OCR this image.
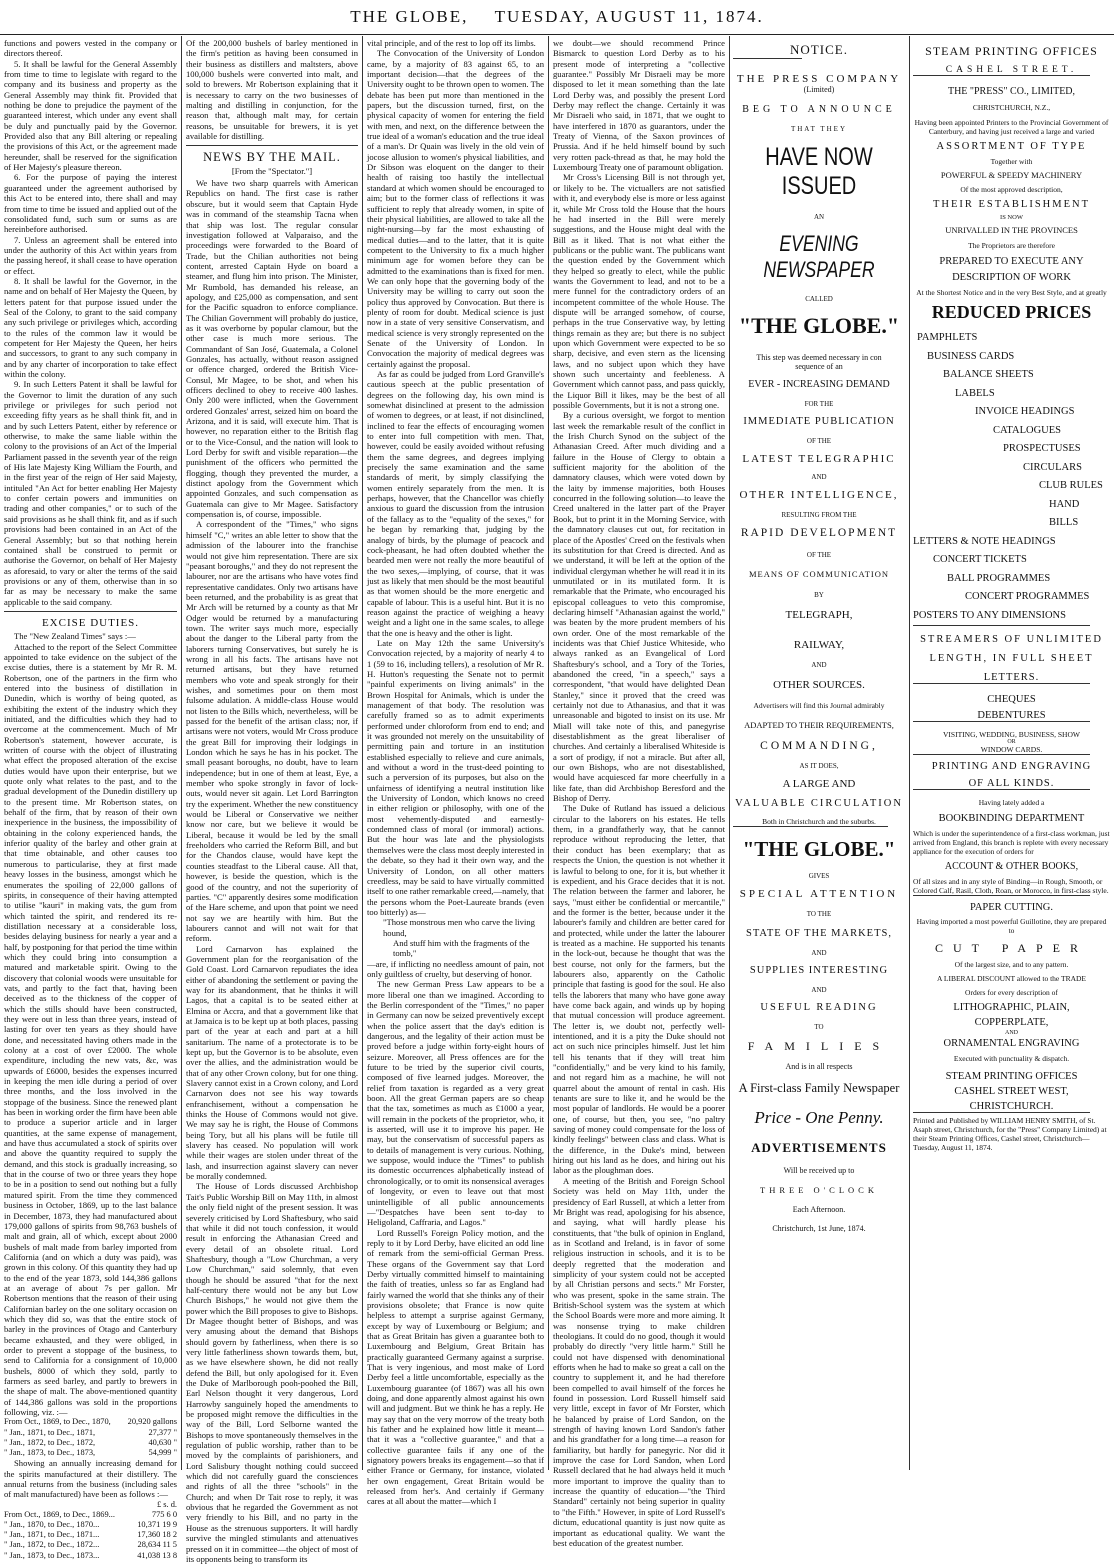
THE GLOBE, TUESDAY, AUGUST 11, 1874.

functions and powers vested in the company or directors thereof.

5. It shall be lawful for the General Assembly from time to time to legislate with regard to the company and its business and property as the General Assembly may think fit. Provided that nothing be done to prejudice the payment of the guaranteed interest, which under any event shall be duly and punctually paid by the Governor. Provided also that any Bill altering or repealing the provisions of this Act, or the agreement made hereunder, shall be reserved for the signification of Her Majesty's pleasure thereon.

6. For the purpose of paying the interest guaranteed under the agreement authorised by this Act to be entered into, there shall and may from time to time be issued and applied out of the consolidated fund, such sum or sums as are hereinbefore authorised.

7. Unless an agreement shall be entered into under the authority of this Act within years from the passing hereof, it shall cease to have operation or effect.

8. It shall be lawful for the Governor, in the name and on behalf of Her Majesty the Queen, by letters patent for that purpose issued under the Seal of the Colony, to grant to the said company any such privilege or privileges which, according to the rules of the common law it would be competent for Her Majesty the Queen, her heirs and successors, to grant to any such company in and by any charter of incorporation to take effect within the colony.

9. In such Letters Patent it shall be lawful for the Governor to limit the duration of any such privilege or privileges for such period not exceeding fifty years as he shall think fit, and in and by such Letters Patent, either by reference or otherwise, to make the same liable within the colony to the provisions of an Act of the Imperial Parliament passed in the seventh year of the reign of His late Majesty King William the Fourth, and in the first year of the reign of Her said Majesty, intituled "An Act for better enabling Her Majesty to confer certain powers and immunities on trading and other companies," or to such of the said provisions as he shall think fit, and as if such provisions had been contained in an Act of the General Assembly; but so that nothing herein contained shall be construed to permit or authorise the Governor, on behalf of Her Majesty as aforesaid, to vary or alter the terms of the said provisions or any of them, otherwise than in so far as may be necessary to make the same applicable to the said company.

EXCISE DUTIES.

The "New Zealand Times" says :—

Attached to the report of the Select Committee appointed to take evidence on the subject of the excise duties, there is a statement by Mr R. M. Robertson, one of the partners in the firm who entered into the business of distillation in Dunedin, which is worthy of being quoted, as exhibiting the extent of the industry which they initiated, and the difficulties which they had to overcome at the commencement. Much of Mr Robertson's statement, however accurate, is written of course with the object of illustrating what effect the proposed alteration of the excise duties would have upon their enterprise, but we quote only what relates to the past, and to the gradual development of the Dunedin distillery up to the present time. Mr Robertson states, on behalf of the firm, that by reason of their own inexperience in the business, the impossibility of obtaining in the colony experienced hands, the inferior quality of the barley and other grain at that time obtainable, and other causes too numerous to particularise, they at first made heavy losses in the business, amongst which he enumerates the spoiling of 22,000 gallons of spirits, in consequence of their having attempted to utilise "kauri" in making vats, the gum from which tainted the spirit, and rendered its re-distillation necessary at a considerable loss, besides delaying business for nearly a year and a half, by postponing for that period the time within which they could bring into consumption a matured and marketable spirit. Owing to the discovery that colonial woods were unsuitable for vats, and partly to the fact that, having been deceived as to the thickness of the copper of which the stills should have been constructed, they were out in less than three years, instead of lasting for over ten years as they should have done, and necessitated having others made in the colony at a cost of over £2000. The whole expenditure, including the new vats, &c, was upwards of £6000, besides the expenses incurred in keeping the men idle during a period of over three months, and the loss involved in the stoppage of the business. Since the renewed plant has been in working order the firm have been able to produce a superior article and in larger quantities, at the same expense of management, and have thus accumulated a stock of spirits over and above the quantity required to supply the demand, and this stock is gradually increasing, so that in the course of two or three years they hope to be in a position to send out nothing but a fully matured spirit. From the time they commenced business in October, 1869, up to the last balance in December, 1873, they had manufactured about 179,000 gallons of spirits from 98,763 bushels of malt and grain, all of which, except about 2000 bushels of malt made from barley imported from California (and on which a duty was paid), was grown in this colony. Of this quantity they had up to the end of the year 1873, sold 144,386 gallons at an average of about 7s per gallon. Mr Robertson mentions that the reason of their using Californian barley on the one solitary occasion on which they did so, was that the entire stock of barley in the provinces of Otago and Canterbury became exhausted, and they were obliged, in order to prevent a stoppage of the business, to send to California for a consignment of 10,000 bushels, 8000 of which they sold, partly to farmers as seed barley, and partly to brewers in the shape of malt. The above-mentioned quantity of 144,386 gallons was sold in the proportions following, viz. :—

From Oct., 1869, to Dec., 1870, 20,920 gallons
" Jan., 1871, to Dec., 1871,	27,377 "
" Jan., 1872, to Dec., 1872,	40,630 "
" Jan., 1873, to Dec., 1873,	54,999 "

Showing an annually increasing demand for the spirits manufactured at their distillery. The annual returns from the business (including sales of malt manufactured) have been as follows :—

£ s. d.
From Oct., 1869, to Dec., 1869...	775 6 0
" Jan., 1870, to Dec., 1870...	10,371 19 9
" Jan., 1871, to Dec., 1871...	17,360 18 2
" Jan., 1872, to Dec., 1872...	28,634 11 5
" Jan., 1873, to Dec., 1873...	41,038 13 8

Of the 200,000 bushels of barley mentioned in the firm's petition as having been consumed in their business as distillers and maltsters, above 100,000 bushels were converted into malt, and sold to brewers. Mr Robertson explaining that it is necessary to carry on the two businesses of malting and distilling in conjunction, for the reason that, although malt may, for certain reasons, be unsuitable for brewers, it is yet available for distilling.

NEWS BY THE MAIL.
[From the "Spectator."]

We have two sharp quarrels with American Republics on hand. The first case is rather obscure, but it would seem that Captain Hyde was in command of the steamship Tacna when that ship was lost. The regular consular investigation followed at Valparaiso, and the proceedings were forwarded to the Board of Trade, but the Chilian authorities not being content, arrested Captain Hyde on board a steamer, and flung him into prison. The Minister, Mr Rumbold, has demanded his release, an apology, and £25,000 as compensation, and sent for the Pacific squadron to enforce compliance. The Chilian Government will probably do justice, as it was overborne by popular clamour, but the other case is much more serious. The Commandant of San José, Guatemala, a Colonel Gonzales, has actually, without reason assigned or offence charged, ordered the British Vice-Consul, Mr Magee, to be shot, and when his officers declined to obey to receive 400 lashes. Only 200 were inflicted, when the Government ordered Gonzales' arrest, seized him on board the Arizona, and it is said, will execute him. That is however, no reparation either to the British flag or to the Vice-Consul, and the nation will look to Lord Derby for swift and visible reparation—the punishment of the officers who permitted the flogging, though they prevented the murder, a distinct apology from the Government which appointed Gonzales, and such compensation as Guatemala can give to Mr Magee. Satisfactory compensation is, of course, impossible.

A correspondent of the "Times," who signs himself "C," writes an able letter to show that the admission of the labourer into the franchise would not give him representation. There are six "peasant boroughs," and they do not represent the labourer, nor are the artisans who have votes find representative candidates. Only two artisans have been returned, and the probability is as great that Mr Arch will be returned by a county as that Mr Odger would be returned by a manufacturing town. The writer says much more, especially about the danger to the Liberal party from the laborers turning Conservatives, but surely he is wrong in all his facts. The artisans have not returned artisans, but they have returned members who vote and speak strongly for their wishes, and sometimes pour on them most fulsome adulation. A middle-class House would not listen to the Bills which, nevertheless, will be passed for the benefit of the artisan class; nor, if artisans were not voters, would Mr Cross produce the great Bill for improving their lodgings in London which he says he has in his pocket. The small peasant boroughs, no doubt, have to learn independence; but in one of them at least, Eye, a member who spoke strongly in favor of lock-outs, would never sit again. Let Lord Barrington try the experiment. Whether the new constituency would be Liberal or Conservative we neither know nor care, but we believe it would be Liberal, because it would be led by the small freeholders who carried the Reform Bill, and but for the Chandos clause, would have kept the counties steadfast to the Liberal cause. All that, however, is beside the question, which is the good of the country, and not the superiority of parties. "C" apparently desires some modification of the Hare scheme, and upon that point we need not say we are heartily with him. But the labourers cannot and will not wait for that reform.

Lord Carnarvon has explained the Government plan for the reorganisation of the Gold Coast. Lord Carnarvon repudiates the idea either of abandoning the settlement or paving the way for its abandonment, that he thinks it will Lagos, that a capital is to be seated either at Elmina or Accra, and that a government like that at Jamaica is to be kept up at both places, passing part of the year at each and part at a hill sanitarium. The name of a protectorate is to be kept up, but the Governor is to be absolute, even over the allies, and the administration would be that of any other Crown colony, but for one thing. Slavery cannot exist in a Crown colony, and Lord Carnarvon does not see his way towards enfranchisement, without a compensation he thinks the House of Commons would not give. We may say he is right, the House of Commons being Tory, but all his plans will be futile till slavery has ceased. No population will work while their wages are stolen under threat of the lash, and insurrection against slavery can never be morally condemned.

The House of Lords discussed Archbishop Tait's Public Worship Bill on May 11th, in almost the only field night of the present session. It was severely criticised by Lord Shaftesbury, who said that while it did not touch confession, it would result in enforcing the Athanasian Creed and every detail of an obsolete ritual. Lord Shaftesbury, though a "Low Churchman, a very Low Churchman," said solemnly, that even though he should be assured "that for the next half-century there would not be any but Low Church Bishops," he would not give them the power which the Bill proposes to give to Bishops. Dr Magee thought better of Bishops, and was very amusing about the demand that Bishops should govern by fatherliness, when there is so very little fatherliness shown towards them, but, as we have elsewhere shown, he did not really defend the Bill, but only apologised for it. Even the Duke of Marlborough pooh-poohed the Bill, Earl Nelson thought it very dangerous, Lord Harrowby sanguinely hoped the amendments to be proposed might remove the difficulties in the way of the Bill, Lord Selborne wanted the Bishops to move spontaneously themselves in the regulation of public worship, rather than to be moved by the complaints of parishioners, and Lord Salisbury thought nothing could succeed which did not carefully guard the consciences and rights of all the three "schools" in the Church; and when Dr Tait rose to reply, it was obvious that he regarded the Government as not very friendly to his Bill, and no party in the House as the strenuous supporters. It will hardly survive the mingled stimulants and attenuatives pressed on it in committee—the object of most of its opponents being to transform its

vital principle, and of the rest to lop off its limbs.

The Convocation of the University of London came, by a majority of 83 against 65, to an important decision—that the degrees of the University ought to be thrown open to women. The debate has been put more than mentioned in the papers, but the discussion turned, first, on the physical capacity of women for entering the field with men, and next, on the difference between the true ideal of a woman's education and the true ideal of a man's. Dr Quain was lively in the old vein of jocose allusion to women's physical liabilities, and Dr Sibson was eloquent on the danger to their health of raising too hastily the intellectual standard at which women should be encouraged to aim; but to the former class of reflections it was sufficient to reply that already women, in spite of their physical liabilities, are allowed to take all the night-nursing—by far the most exhausting of medical duties—and to the latter, that it is quite competent to the University to fix a much higher minimum age for women before they can be admitted to the examinations than is fixed for men. We can only hope that the governing body of the University may be willing to carry out soon the policy thus approved by Convocation. But there is plenty of room for doubt. Medical science is just now in a state of very sensitive Conservatism, and medical science is very strongly represented on the Senate of the University of London. In Convocation the majority of medical degrees was certainly against the proposal.

As far as could be judged from Lord Granville's cautious speech at the public presentation of degrees on the following day, his own mind is somewhat disinclined at present to the admission of women to degrees, or at least, if not disinclined, inclined to fear the effects of encouraging women to enter into full competition with men. That, however, could be easily avoided without refusing them the same degrees, and degrees implying precisely the same examination and the same standards of merit, by simply classifying the women entirely separately from the men. It is perhaps, however, that the Chancellor was chiefly anxious to guard the discussion from the intrusion of the fallacy as to the "equality of the sexes," for he began by remarking that, judging by the analogy of birds, by the plumage of peacock and cock-pheasant, he had often doubted whether the bearded men were not really the more beautiful of the two sexes,—implying, of course, that it was just as likely that men should be the most beautiful as that women should be the more energetic and capable of labour. This is a useful hint. But it is no reason against the practice of weighing a heavy weight and a light one in the same scales, to allege that the one is heavy and the other is light.

Late on May 12th the same University's Convocation rejected, by a majority of nearly 4 to 1 (59 to 16, including tellers), a resolution of Mr R. H. Hutton's requesting the Senate not to permit "painful experiments on living animals" in the Brown Hospital for Animals, which is under the management of that body. The resolution was carefully framed so as to admit experiments performed under chloroform from end to end; and it was grounded not merely on the unsuitability of permitting pain and torture in an institution established especially to relieve and cure animals, and without a word in the trust-deed pointing to such a perversion of its purposes, but also on the unfairness of identifying a neutral institution like the University of London, which knows no creed in either religion or philosophy, with one of the most vehemently-disputed and earnestly-condemned class of moral (or immoral) actions. But the hour was late and the physiologists themselves were the class most deeply interested in the debate, so they had it their own way, and the University of London, on all other matters creedless, may be said to have virtually committed itself to one rather remarkable creed,—namely, that the persons whom the Poet-Laureate brands (even too bitterly) as—

"Those monstrous men who carve the living hound,
And stuff him with the fragments of the tomb,"

—are, if inflicting no needless amount of pain, not only guiltless of cruelty, but deserving of honor.

The new German Press Law appears to be a more liberal one than we imagined. According to the Berlin correspondent of the "Times," no paper in Germany can now be seized preventively except when the police assert that the day's edition is dangerous, and the legality of their action must be proved before a judge within forty-eight hours of seizure. Moreover, all Press offences are for the future to be tried by the superior civil courts, composed of five learned judges. Moreover, the relief from taxation is regarded as a very great boon. All the great German papers are so cheap that the tax, sometimes as much as £1000 a year, will remain in the pockets of the proprietor, who, it is asserted, will use it to improve his paper. He may, but the conservatism of successful papers as to details of management is very curious. Nothing, we suppose, would induce the "Times" to publish its domestic occurrences alphabetically instead of chronologically, or to omit its nonsensical averages of longevity, or even to leave out that most unintelligible of all public announcements—"Despatches have been sent to-day to Heligoland, Caffraria, and Lagos."

Lord Russell's Foreign Policy motion, and the reply to it by Lord Derby, have elicited an odd line of remark from the semi-official German Press. These organs of the Government say that Lord Derby virtually committed himself to maintaining the faith of treaties, unless so far as England had fairly warned the world that she thinks any of their provisions obsolete; that France is now quite helpless to attempt a surprise against Germany, except by way of Luxembourg or Belgium; and that as Great Britain has given a guarantee both to Luxembourg and Belgium, Great Britain has practically guaranteed Germany against a surprise. That is very ingenious, and most make of Lord Derby feel a little uncomfortable, especially as the Luxembourg guarantee (of 1867) was all his own doing, and done apparently almost against his own will and judgment. But we think he has a reply. He may say that on the very morrow of the treaty both his father and he explained how little it meant—that it was a "collective guarantee," and that a collective guarantee fails if any one of the signatory powers breaks its engagement—so that if either France or Germany, for instance, violated her own engagement, Great Britain would be released from her's. And certainly if Germany cares at all about the matter—which I

we doubt—we should recommend Prince Bismarck to question Lord Derby as to his present mode of interpreting a "collective guarantee." Possibly Mr Disraeli may be more disposed to let it mean something than the late Lord Derby was, and possibly the present Lord Derby may reflect the change. Certainly it was Mr Disraeli who said, in 1871, that we ought to have interfered in 1870 as guarantors, under the Treaty of Vienna, of the Saxon provinces of Prussia. And if he held himself bound by such very rotten pack-thread as that, he may hold the Luxembourg Treaty one of paramount obligation.

Mr Cross's Licensing Bill is not through yet, or likely to be. The victuallers are not satisfied with it, and everybody else is more or less against it, while Mr Cross told the House that the hours he had inserted in the Bill were merely suggestions, and the House might deal with the Bill as it liked. That is not what either the publicans or the public want. The publicans want the question ended by the Government which they helped so greatly to elect, while the public wants the Government to lead, and not to be a mere funnel for the contradictory orders of an incompetent committee of the whole House. The dispute will be arranged somehow, of course, perhaps in the true Conservative way, by letting things remain as they are; but there is no subject upon which Government were expected to be so sharp, decisive, and even stern as the licensing laws, and no subject upon which they have shown such uncertainty and feebleness. A Government which cannot pass, and pass quickly, the Liquor Bill it likes, may be the best of all possible Governments, but it is not a strong one.

By a curious oversight, we forgot to mention last week the remarkable result of the conflict in the Irish Church Synod on the subject of the Athanasian Creed. After much dividing and a failure in the House of Clergy to obtain a sufficient majority for the abolition of the damnatory clauses, which were voted down by the laity by immense majorities, both Houses concurred in the following solution—to leave the Creed unaltered in the latter part of the Prayer Book, but to print it in the Morning Service, with the damnatory clauses cut out, for recitation in place of the Apostles' Creed on the festivals when its substitution for that Creed is directed. And as we understand, it will be left at the option of the individual clergyman whether he will read it in its unmutilated or in its mutilated form. It is remarkable that the Primate, who encouraged his episcopal colleagues to veto this compromise, declaring himself "Athanasian against the world," was beaten by the more prudent members of his own order. One of the most remarkable of the incidents was that Chief Justice Whiteside, who always ranked as an Evangelical of Lord Shaftesbury's school, and a Tory of the Tories, abandoned the creed, "in a speech," says a correspondent, "that would have delighted Dean Stanley," since it proved that the creed was certainly not due to Athanasius, and that it was unreasonable and bigoted to insist on its use. Mr Miall will take note of this, and panegyrise disestablishment as the great liberaliser of churches. And certainly a liberalised Whiteside is a sort of prodigy, if not a miracle. But after all, our own Bishops, who are not disestablished, would have acquiesced far more cheerfully in a like fate, than did Archbishop Beresford and the Bishop of Derry.

The Duke of Rutland has issued a delicious circular to the laborers on his estates. He tells them, in a grandfatherly way, that he cannot reproduce without reproducing the letter, that their conduct has been exemplary; that as respects the Union, the question is not whether it is lawful to belong to one, for it is, but whether it is expedient, and his Grace decides that it is not. The relation between the farmer and laborer, he says, "must either be confidential or mercantile," and the former is the better, because under it the labourer's family and children are better cared for and protected, while under the latter the labourer is treated as a machine. He supported his tenants in the lock-out, because he thought that was the best course, not only for the farmers, but the labourers also, apparently on the Catholic principle that fasting is good for the soul. He also tells the laborers that many who have gone away have come back again, and winds up by hoping that mutual concession will produce agreement. The letter is, we doubt not, perfectly well-intentioned, and it is a pity the Duke should not act on such nice principles himself. Just let him tell his tenants that if they will treat him "confidentially," and be very kind to his family, and not regard him as a machine, he will not quarrel about the amount of rental in cash. His tenants are sure to like it, and he would be the most popular of landlords. He would be a poorer one, of course, but then, you see, "no paltry saving of money could compensate for the loss of kindly feelings" between class and class. What is the difference, in the Duke's mind, between hiring out his land as he does, and hiring out his labor as the ploughman does.

A meeting of the British and Foreign School Society was held on May 11th, under the presidency of Earl Russell, at which a letter from Mr Bright was read, apologising for his absence, and saying, what will hardly please his constituents, that "the bulk of opinion in England, as in Scotland and Ireland, is in favor of some religious instruction in schools, and it is to be deeply regretted that the moderation and simplicity of your system could not be accepted by all Christian persons and sects." Mr Forster, who was present, spoke in the same strain. The British-School system was the system at which the School Boards were more and more aiming. It was nonsense trying to make children theologians. It could do no good, though it would probably do directly "very little harm." Still he could not have dispensed with denominational efforts when he had to make so great a call on the country to supplement it, and he had therefore been compelled to avail himself of the forces he found in possession. Lord Russell himself said very little, except in favor of Mr Forster, which he balanced by praise of Lord Sandon, on the strength of having known Lord Sandon's father and his grandfather for a long time—a reason for familiarity, but hardly for panegyric. Nor did it improve the case for Lord Sandon, when Lord Russell declared that he had always held it much more important to improve the quality than to increase the quantity of education—"the Third Standard" certainly not being superior in quality to "the Fifth." However, in spite of Lord Russell's dictum, educational quantity is just now quite as important as educational quality. We want the best education of the greatest number.

NOTICE.
THE PRESS COMPANY
(Limited)
BEG TO ANNOUNCE
THAT THEY
HAVE NOW ISSUED
AN
EVENING NEWSPAPER
CALLED
"THE GLOBE."
This step was deemed necessary in con
sequence of an
EVER - INCREASING DEMAND
FOR THE
IMMEDIATE PUBLICATION
OF THE
LATEST TELEGRAPHIC
AND
OTHER INTELLIGENCE,
RESULTING FROM THE
RAPID DEVELOPMENT
OF THE
MEANS OF COMMUNICATION
BY
TELEGRAPH,
RAILWAY,
AND
OTHER SOURCES.
Advertisers will find this Journal admirably
ADAPTED TO THEIR REQUIREMENTS,
COMMANDING,
AS IT DOES,
A LARGE AND
VALUABLE CIRCULATION
Both in Christchurch and the suburbs.
"THE GLOBE."
GIVES
SPECIAL ATTENTION
TO THE
STATE OF THE MARKETS,
AND
SUPPLIES INTERESTING
AND
USEFUL READING
TO
FAMILIES
And is in all respects
A First-class Family Newspaper
Price - One Penny.
ADVERTISEMENTS
Will be received up to
THREE O'CLOCK
Each Afternoon.
Christchurch, 1st June, 1874.
STEAM PRINTING OFFICES
CASHEL STREET.
THE "PRESS" CO., LIMITED,
CHRISTCHURCH, N.Z.,
Having been appointed Printers to the Provincial Government of Canterbury, and having just received a large and varied
ASSORTMENT OF TYPE
Together with
POWERFUL & SPEEDY MACHINERY
Of the most approved description,
THEIR ESTABLISHMENT
IS NOW
UNRIVALLED IN THE PROVINCES
The Proprietors are therefore
PREPARED TO EXECUTE ANY
DESCRIPTION OF WORK
At the Shortest Notice and in the very Best Style, and at greatly
REDUCED PRICES
PAMPHLETS
BUSINESS CARDS
BALANCE SHEETS
LABELS
INVOICE HEADINGS
CATALOGUES
PROSPECTUSES
CIRCULARS
CLUB RULES
HAND BILLS
LETTERS & NOTE HEADINGS
CONCERT TICKETS
BALL PROGRAMMES
CONCERT PROGRAMMES
POSTERS TO ANY DIMENSIONS
STREAMERS OF UNLIMITED
LENGTH, IN FULL SHEET
LETTERS.
CHEQUES
DEBENTURES
VISITING, WEDDING, BUSINESS, SHOW
OR
WINDOW CARDS.
PRINTING AND ENGRAVING
OF ALL KINDS.
Having lately added a
BOOKBINDING DEPARTMENT
Which is under the superintendence of a first-class workman, just arrived from England, this branch is replete with every necessary appliance for the execution of orders for
ACCOUNT & OTHER BOOKS,
Of all sizes and in any style of Binding—in Rough, Smooth, or Colored Calf, Rasil, Cloth, Roan, or Morocco, in first-class style.
PAPER CUTTING.
Having imported a most powerful Guillotine, they are prepared to
CUT PAPER
Of the largest size, and to any pattern.
A LIBERAL DISCOUNT allowed to the TRADE
Orders for every description of
LITHOGRAPHIC, PLAIN,
COPPERPLATE,
AND
ORNAMENTAL ENGRAVING
Executed with punctuality & dispatch.
STEAM PRINTING OFFICES
CASHEL STREET WEST,
CHRISTCHURCH.
Printed and Published by WILLIAM HENRY SMITH, of St. Asaph street, Christchurch, for the "Press" Company Limited) at their Steam Printing Offices, Cashel street, Christchurch—Tuesday, August 11, 1874.
